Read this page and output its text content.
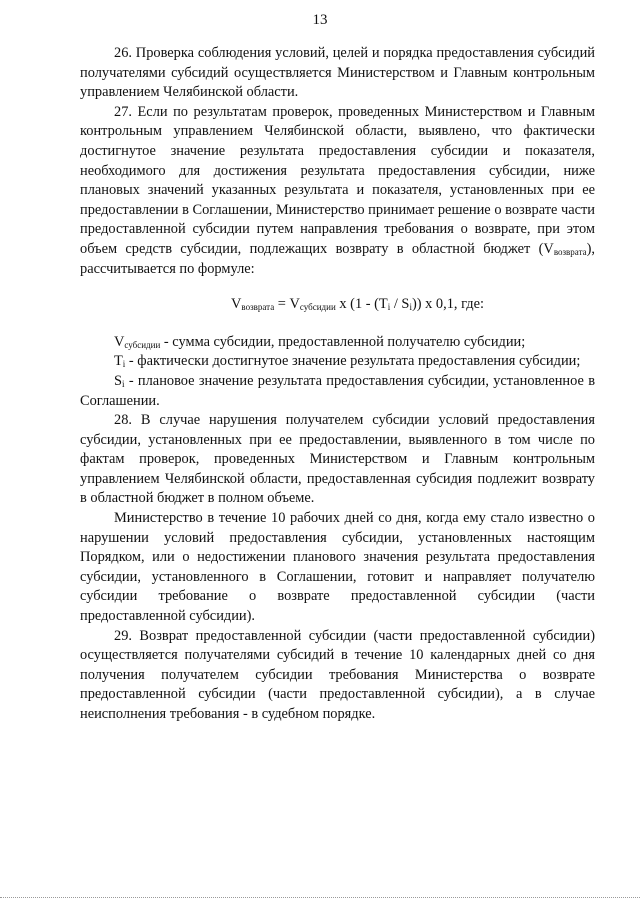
13

26. Проверка соблюдения условий, целей и порядка предоставления субсидий получателями субсидий осуществляется Министерством и Главным контрольным управлением Челябинской области.

27. Если по результатам проверок, проведенных Министерством и Главным контрольным управлением Челябинской области, выявлено, что фактически достигнутое значение результата предоставления субсидии и показателя, необходимого для достижения результата предоставления субсидии, ниже плановых значений указанных результата и показателя, установленных при ее предоставлении в Соглашении, Министерство принимает решение о возврате части предоставленной субсидии путем направления требования о возврате, при этом объем средств субсидии, подлежащих возврату в областной бюджет $(V_{возврата})$, рассчитывается по формуле:

$V_{возврата} = V_{субсидии}$ x $(1 - (T_i / S_i))$ x 0,1, где:

$V_{субсидии}$ - сумма субсидии, предоставленной получателю субсидии;

$T_i$ - фактически достигнутое значение результата предоставления субсидии;

$S_i$ - плановое значение результата предоставления субсидии, установленное в Соглашении.

28. В случае нарушения получателем субсидии условий предоставления субсидии, установленных при ее предоставлении, выявленного в том числе по фактам проверок, проведенных Министерством и Главным контрольным управлением Челябинской области, предоставленная субсидия подлежит возврату в областной бюджет в полном объеме.

Министерство в течение 10 рабочих дней со дня, когда ему стало известно о нарушении условий предоставления субсидии, установленных настоящим Порядком, или о недостижении планового значения результата предоставления субсидии, установленного в Соглашении, готовит и направляет получателю субсидии требование о возврате предоставленной субсидии (части предоставленной субсидии).

29. Возврат предоставленной субсидии (части предоставленной субсидии) осуществляется получателями субсидий в течение 10 календарных дней со дня получения получателем субсидии требования Министерства о возврате предоставленной субсидии (части предоставленной субсидии), а в случае неисполнения требования - в судебном порядке.
